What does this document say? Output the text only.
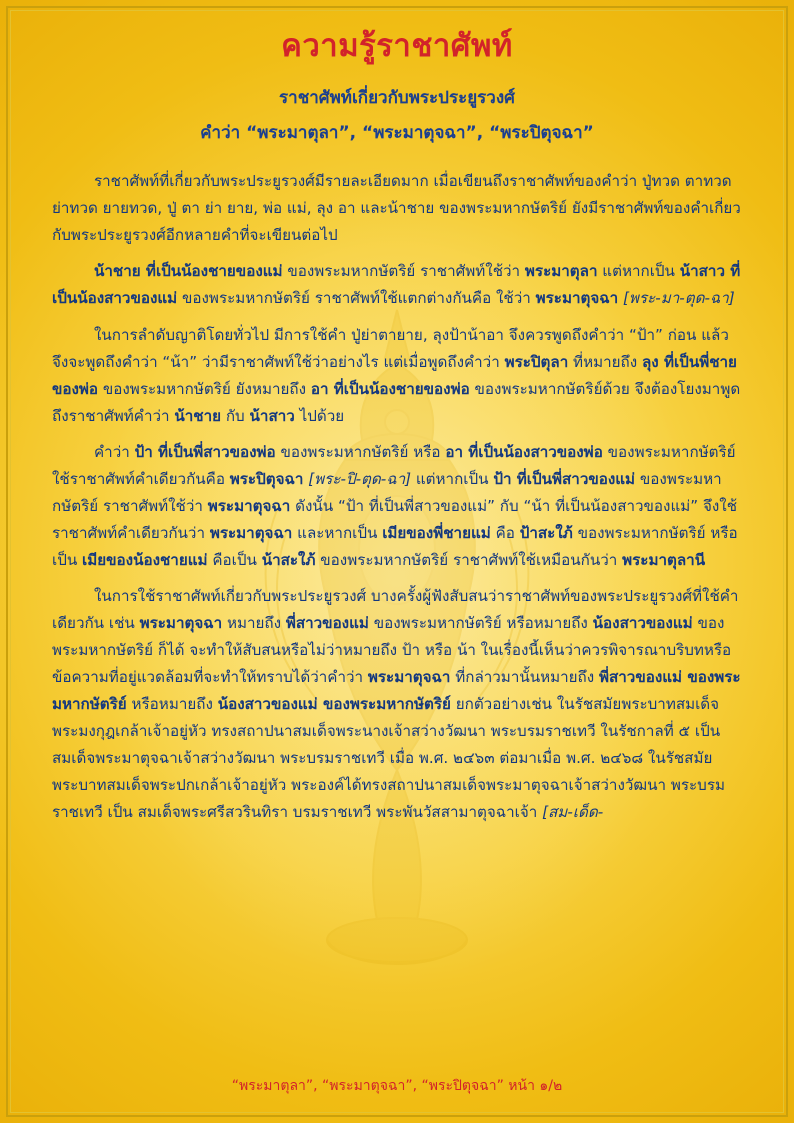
ความรู้ราชาศัพท์
ราชาศัพท์เกี่ยวกับพระประยูรวงศ์
คำว่า “พระมาตุลา”, “พระมาตุจฉา”, “พระปิตุจฉา”

ราชาศัพท์ที่เกี่ยวกับพระประยูรวงศ์มีรายละเอียดมาก เมื่อเขียนถึงราชาศัพท์ของคำว่า ปู่ทวด ตาทวด ย่าทวด ยายทวด, ปู่ ตา ย่า ยาย, พ่อ แม่, ลุง อา และน้าชาย ของพระมหากษัตริย์ ยังมีราชาศัพท์ของคำเกี่ยวกับพระประยูรวงศ์อีกหลายคำที่จะเขียนต่อไป

น้าชาย ที่เป็นน้องชายของแม่ ของพระมหากษัตริย์ ราชาศัพท์ใช้ว่า พระมาตุลา แต่หากเป็น น้าสาว ที่เป็นน้องสาวของแม่ ของพระมหากษัตริย์ ราชาศัพท์ใช้แตกต่างกันคือ ใช้ว่า พระมาตุจฉา [พระ-มา-ตุด-ฉา]

ในการลำดับญาติโดยทั่วไป มีการใช้คำ ปู่ย่าตายาย, ลุงป้าน้าอา จึงควรพูดถึงคำว่า “ป้า” ก่อน แล้วจึงจะพูดถึงคำว่า “น้า” ว่ามีราชาศัพท์ใช้ว่าอย่างไร แต่เมื่อพูดถึงคำว่า พระปิตุลา ที่หมายถึง ลุง ที่เป็นพี่ชายของพ่อ ของพระมหากษัตริย์ ยังหมายถึง อา ที่เป็นน้องชายของพ่อ ของพระมหากษัตริย์ด้วย จึงต้องโยงมาพูดถึงราชาศัพท์คำว่า น้าชาย กับ น้าสาว ไปด้วย

คำว่า ป้า ที่เป็นพี่สาวของพ่อ ของพระมหากษัตริย์ หรือ อา ที่เป็นน้องสาวของพ่อ ของพระมหากษัตริย์ ใช้ราชาศัพท์คำเดียวกันคือ พระปิตุจฉา [พระ-ปิ-ตุด-ฉา] แต่หากเป็น ป้า ที่เป็นพี่สาวของแม่ ของพระมหากษัตริย์ ราชาศัพท์ใช้ว่า พระมาตุจฉา ดังนั้น “ป้า ที่เป็นพี่สาวของแม่” กับ “น้า ที่เป็นน้องสาวของแม่” จึงใช้ราชาศัพท์คำเดียวกันว่า พระมาตุจฉา และหากเป็น เมียของพี่ชายแม่ คือ ป้าสะใภ้ ของพระมหากษัตริย์ หรือเป็น เมียของน้องชายแม่ คือเป็น น้าสะใภ้ ของพระมหากษัตริย์ ราชาศัพท์ใช้เหมือนกันว่า พระมาตุลานี

ในการใช้ราชาศัพท์เกี่ยวกับพระประยูรวงศ์ บางครั้งผู้ฟังสับสนว่าราชาศัพท์ของพระประยูรวงศ์ที่ใช้คำเดียวกัน เช่น พระมาตุจฉา หมายถึง พี่สาวของแม่ ของพระมหากษัตริย์ หรือหมายถึง น้องสาวของแม่ ของพระมหากษัตริย์ ก็ได้ จะทำให้สับสนหรือไม่ว่าหมายถึง ป้า หรือ น้า ในเรื่องนี้เห็นว่าควรพิจารณาบริบทหรือข้อความที่อยู่แวดล้อมที่จะทำให้ทราบได้ว่าคำว่า พระมาตุจฉา ที่กล่าวมานั้นหมายถึง พี่สาวของแม่ ของพระมหากษัตริย์ หรือหมายถึง น้องสาวของแม่ ของพระมหากษัตริย์ ยกตัวอย่างเช่น ในรัชสมัยพระบาทสมเด็จพระมงกุฎเกล้าเจ้าอยู่หัว ทรงสถาปนาสมเด็จพระนางเจ้าสว่างวัฒนา พระบรมราชเทวี ในรัชกาลที่ ๕ เป็น สมเด็จพระมาตุจฉาเจ้าสว่างวัฒนา พระบรมราชเทวี เมื่อ พ.ศ. ๒๔๖๓ ต่อมาเมื่อ พ.ศ. ๒๔๖๘ ในรัชสมัยพระบาทสมเด็จพระปกเกล้าเจ้าอยู่หัว พระองค์ได้ทรงสถาปนาสมเด็จพระมาตุจฉาเจ้าสว่างวัฒนา พระบรมราชเทวี เป็น สมเด็จพระศรีสวรินทิรา บรมราชเทวี พระพันวัสสามาตุจฉาเจ้า [สม-เด็ด-

“พระมาตุลา”, “พระมาตุจฉา”, “พระปิตุจฉา” หน้า ๑/๒
